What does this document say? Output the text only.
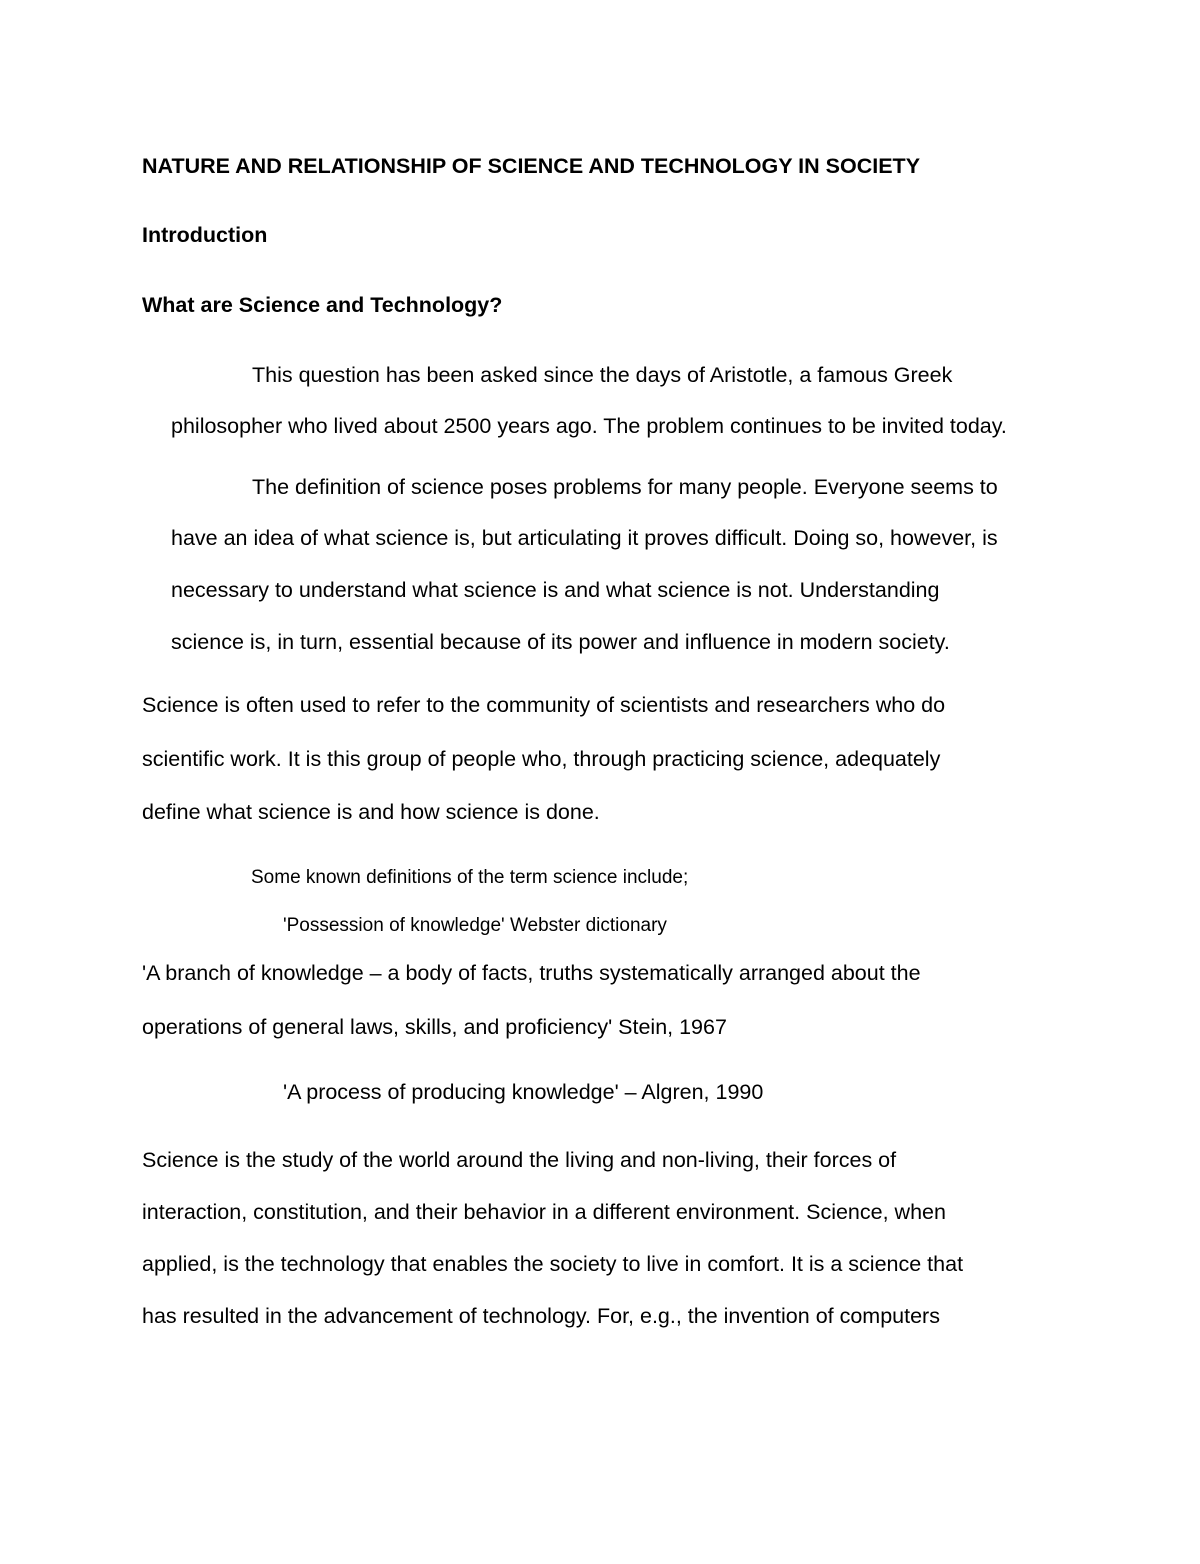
NATURE AND RELATIONSHIP OF SCIENCE AND TECHNOLOGY IN SOCIETY
Introduction
What are Science and Technology?
This question has been asked since the days of Aristotle, a famous Greek
philosopher who lived about 2500 years ago. The problem continues to be invited today.
The definition of science poses problems for many people. Everyone seems to
have an idea of what science is, but articulating it proves difficult. Doing so, however, is
necessary to understand what science is and what science is not. Understanding
science is, in turn, essential because of its power and influence in modern society.
Science is often used to refer to the community of scientists and researchers who do
scientific work. It is this group of people who, through practicing science, adequately
define what science is and how science is done.
Some known definitions of the term science include;
'Possession of knowledge' Webster dictionary
'A branch of knowledge – a body of facts, truths systematically arranged about the
operations of general laws, skills, and proficiency' Stein, 1967
'A process of producing knowledge' – Algren, 1990
Science is the study of the world around the living and non-living, their forces of
interaction, constitution, and their behavior in a different environment. Science, when
applied, is the technology that enables the society to live in comfort. It is a science that
has resulted in the advancement of technology. For, e.g., the invention of computers
